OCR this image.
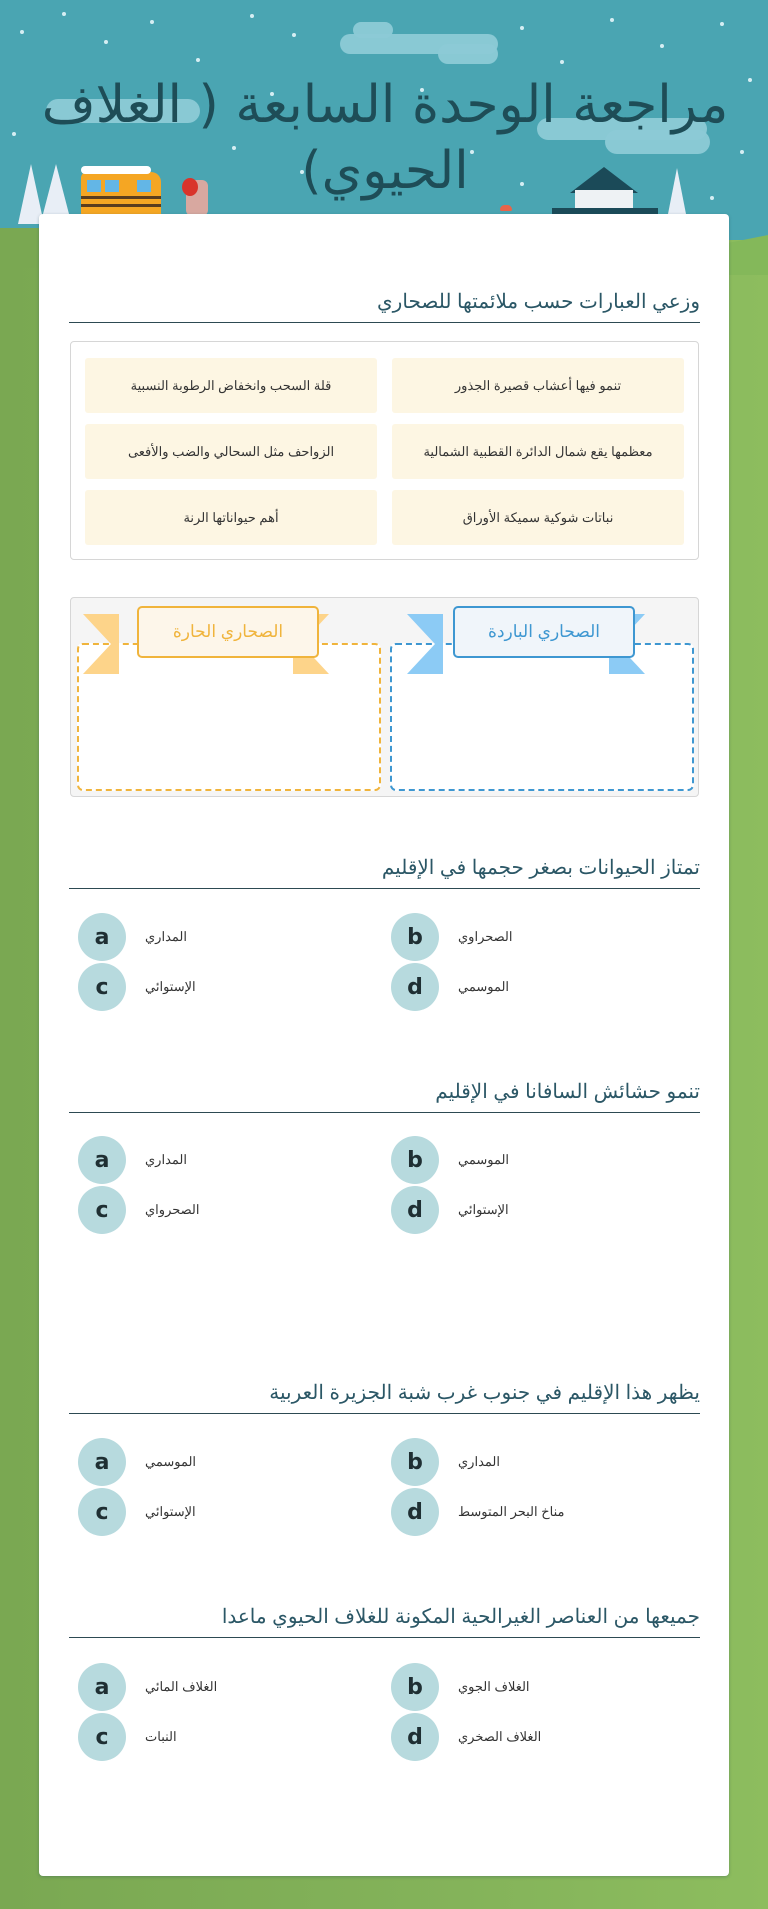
مراجعة الوحدة السابعة ( الغلاف الحيوي)
وزعي العبارات حسب ملائمتها للصحاري
تنمو فيها أعشاب قصيرة الجذور
قلة السحب وانخفاض الرطوبة النسبية
معظمها يقع شمال الدائرة القطبية الشمالية
الزواحف مثل السحالي والضب والأفعى
نباتات شوكية سميكة الأوراق
أهم حيواناتها الرنة
الصحاري الحارة	الصحاري الباردة
تمتاز الحيوانات بصغر حجمها في الإقليم
a	المداري	b	الصحراوي
c	الإستوائي	d	الموسمي
تنمو حشائش السافانا في الإقليم
a	المداري	b	الموسمي
c	الصحرواي	d	الإستوائي
يظهر هذا الإقليم في جنوب غرب شبة الجزيرة العربية
a	الموسمي	b	المداري
c	الإستوائي	d	مناخ البحر المتوسط
جميعها من العناصر الغيرالحية المكونة للغلاف الحيوي ماعدا
a	الغلاف المائي	b	الغلاف الجوي
c	النبات	d	الغلاف الصخري
